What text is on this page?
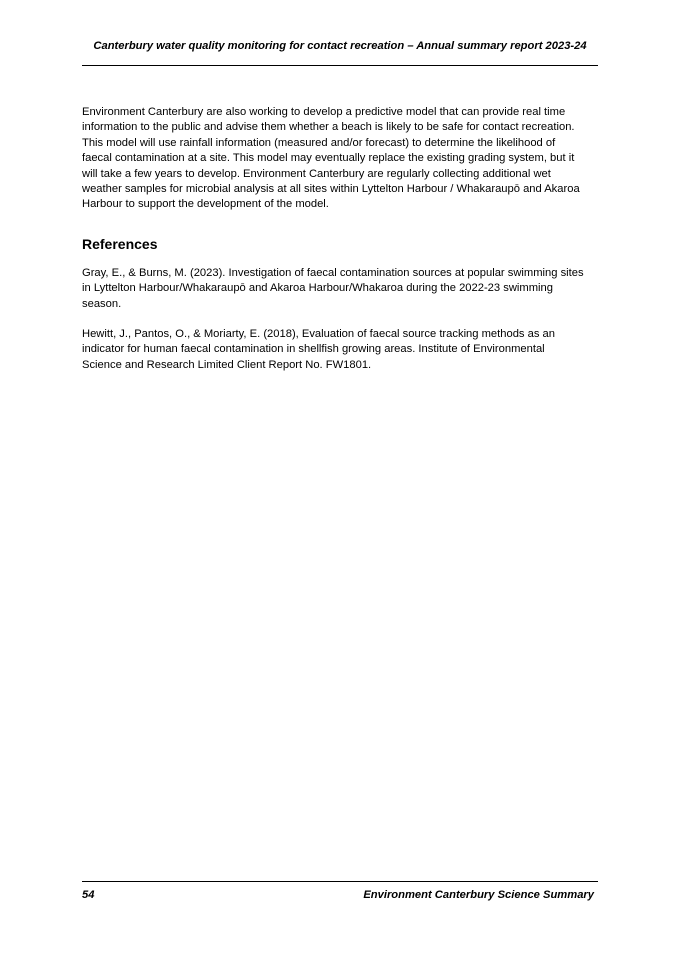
Canterbury water quality monitoring for contact recreation – Annual summary report 2023-24

Environment Canterbury are also working to develop a predictive model that can provide real time
information to the public and advise them whether a beach is likely to be safe for contact recreation.
This model will use rainfall information (measured and/or forecast) to determine the likelihood of
faecal contamination at a site. This model may eventually replace the existing grading system, but it
will take a few years to develop. Environment Canterbury are regularly collecting additional wet
weather samples for microbial analysis at all sites within Lyttelton Harbour / Whakaraupō and Akaroa
Harbour to support the development of the model.

References

Gray, E., & Burns, M. (2023). Investigation of faecal contamination sources at popular swimming sites
in Lyttelton Harbour/Whakaraupō and Akaroa Harbour/Whakaroa during the 2022-23 swimming
season.

Hewitt, J., Pantos, O., & Moriarty, E. (2018), Evaluation of faecal source tracking methods as an
indicator for human faecal contamination in shellfish growing areas. Institute of Environmental
Science and Research Limited Client Report No. FW1801.

54	Environment Canterbury Science Summary
